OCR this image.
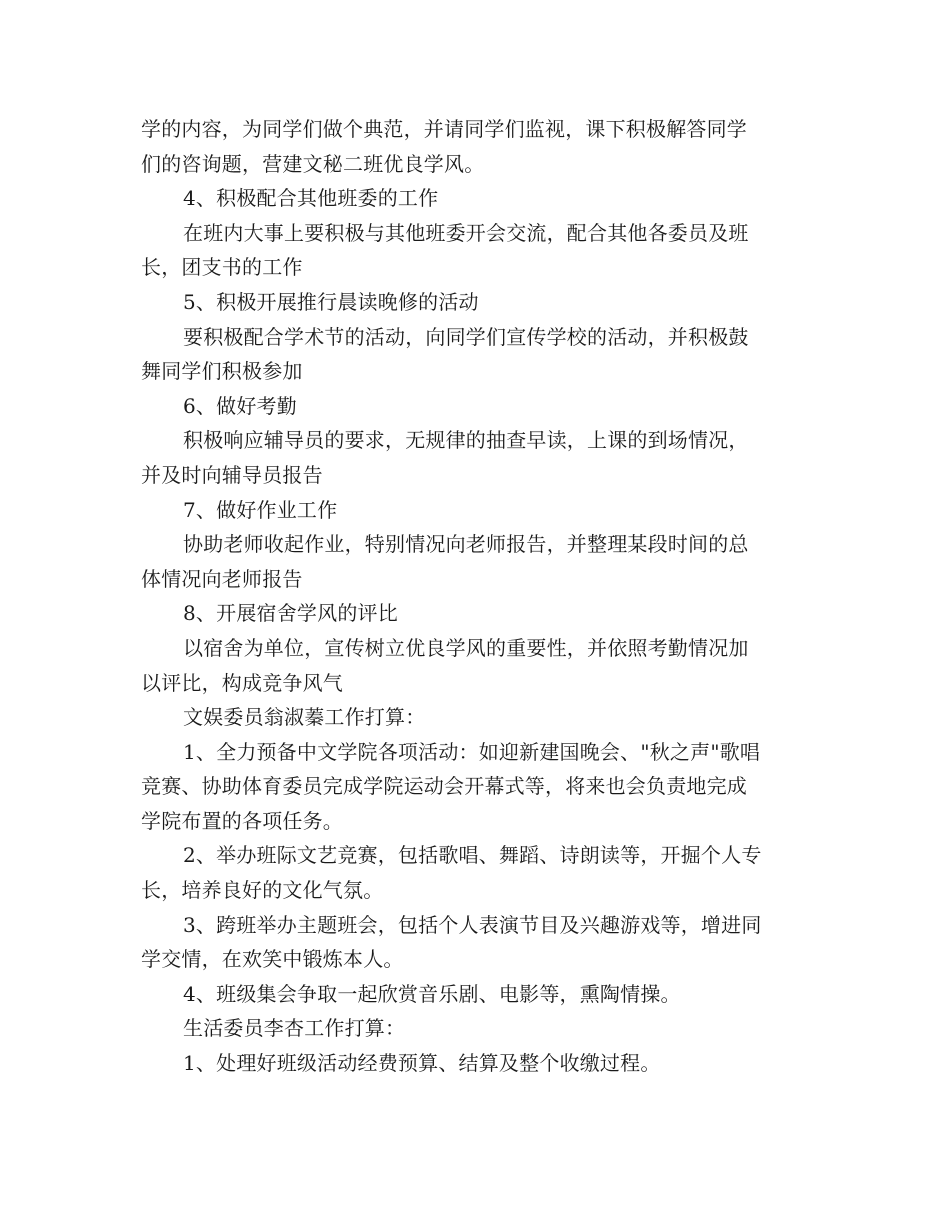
学的内容，为同学们做个典范，并请同学们监视，课下积极解答同学

们的咨询题，营建文秘二班优良学风。

4、积极配合其他班委的工作

在班内大事上要积极与其他班委开会交流，配合其他各委员及班

长，团支书的工作

5、积极开展推行晨读晚修的活动

要积极配合学术节的活动，向同学们宣传学校的活动，并积极鼓

舞同学们积极参加

6、做好考勤

积极响应辅导员的要求，无规律的抽查早读，上课的到场情况，

并及时向辅导员报告

7、做好作业工作

协助老师收起作业，特别情况向老师报告，并整理某段时间的总

体情况向老师报告

8、开展宿舍学风的评比

以宿舍为单位，宣传树立优良学风的重要性，并依照考勤情况加

以评比，构成竞争风气

文娱委员翁淑蓁工作打算：

1、全力预备中文学院各项活动：如迎新建国晚会、"秋之声"歌唱

竞赛、协助体育委员完成学院运动会开幕式等，将来也会负责地完成

学院布置的各项任务。

2、举办班际文艺竞赛，包括歌唱、舞蹈、诗朗读等，开掘个人专

长，培养良好的文化气氛。

3、跨班举办主题班会，包括个人表演节目及兴趣游戏等，增进同

学交情，在欢笑中锻炼本人。

4、班级集会争取一起欣赏音乐剧、电影等，熏陶情操。

生活委员李杏工作打算：

1、处理好班级活动经费预算、结算及整个收缴过程。
